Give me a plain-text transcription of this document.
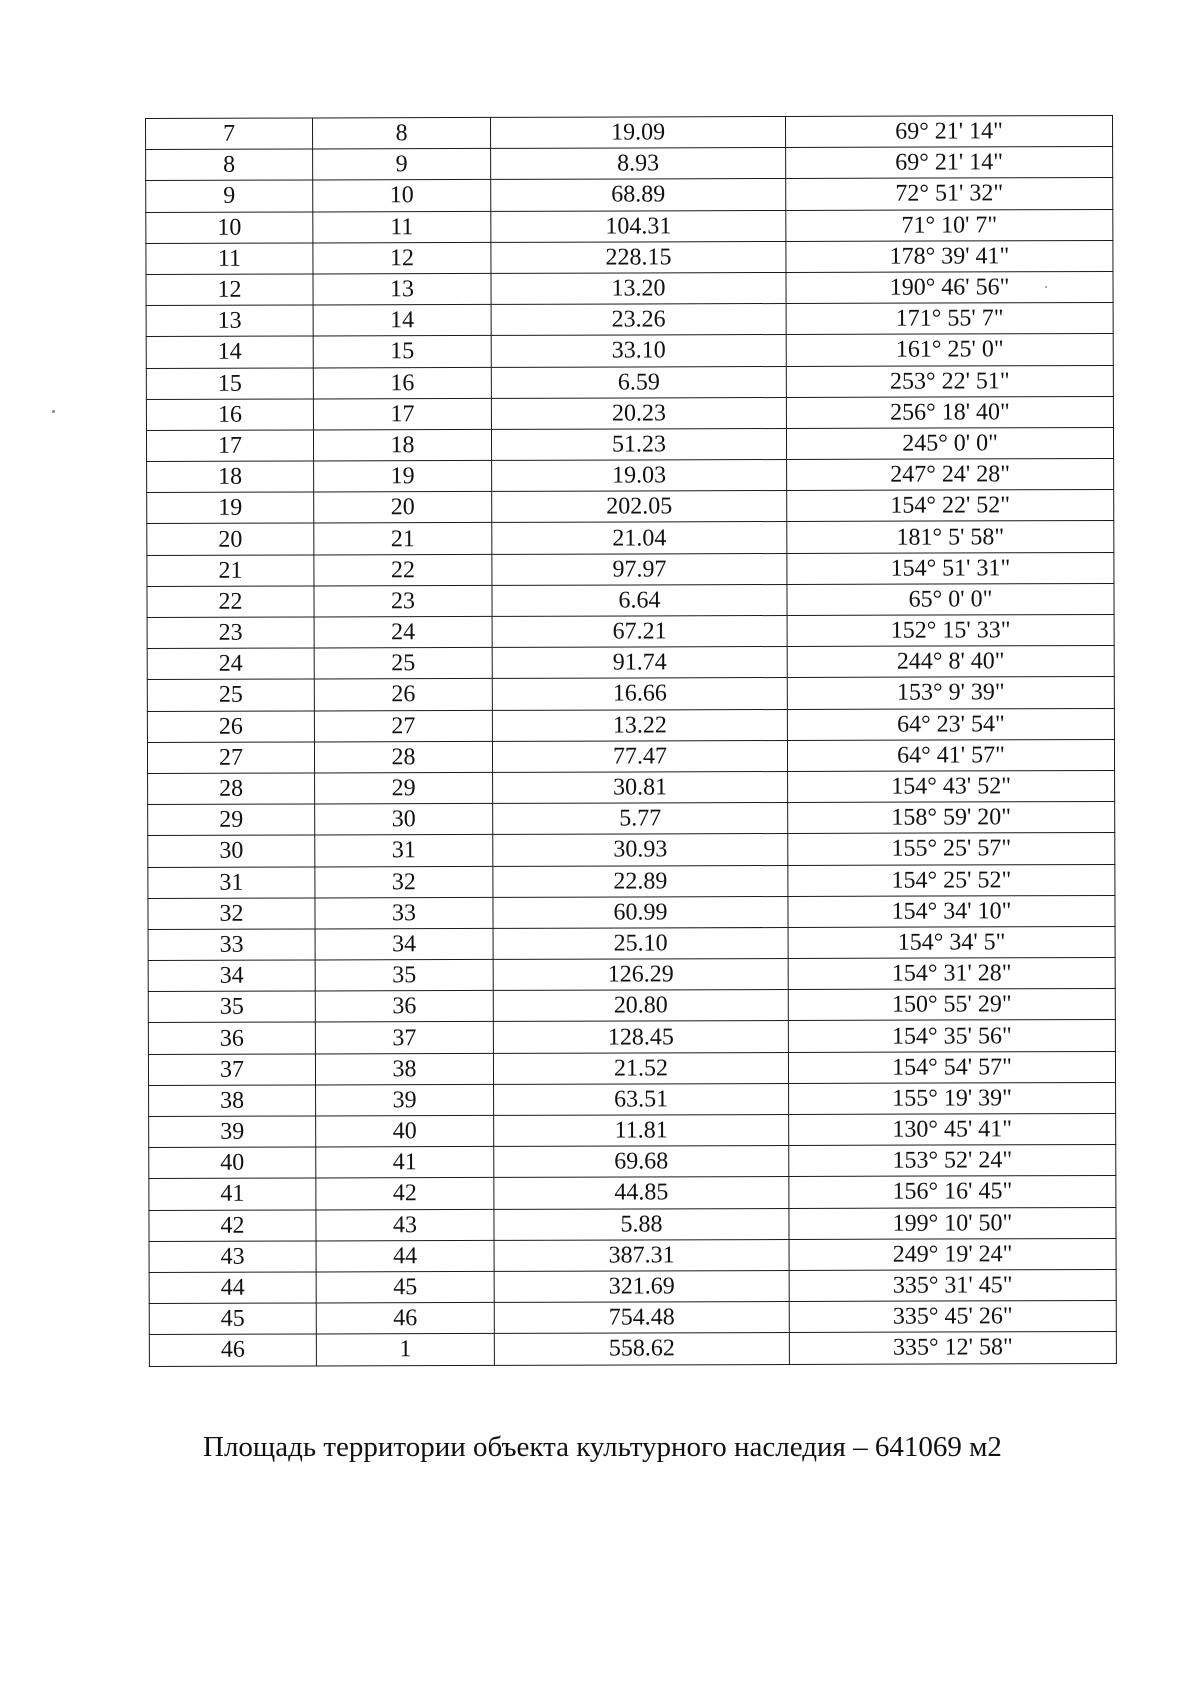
7	8	19.09	69° 21' 14"
8	9	8.93	69° 21' 14"
9	10	68.89	72° 51' 32"
10	11	104.31	71° 10' 7"
11	12	228.15	178° 39' 41"
12	13	13.20	190° 46' 56"
13	14	23.26	171° 55' 7"
14	15	33.10	161° 25' 0"
15	16	6.59	253° 22' 51"
16	17	20.23	256° 18' 40"
17	18	51.23	245° 0' 0"
18	19	19.03	247° 24' 28"
19	20	202.05	154° 22' 52"
20	21	21.04	181° 5' 58"
21	22	97.97	154° 51' 31"
22	23	6.64	65° 0' 0"
23	24	67.21	152° 15' 33"
24	25	91.74	244° 8' 40"
25	26	16.66	153° 9' 39"
26	27	13.22	64° 23' 54"
27	28	77.47	64° 41' 57"
28	29	30.81	154° 43' 52"
29	30	5.77	158° 59' 20"
30	31	30.93	155° 25' 57"
31	32	22.89	154° 25' 52"
32	33	60.99	154° 34' 10"
33	34	25.10	154° 34' 5"
34	35	126.29	154° 31' 28"
35	36	20.80	150° 55' 29"
36	37	128.45	154° 35' 56"
37	38	21.52	154° 54' 57"
38	39	63.51	155° 19' 39"
39	40	11.81	130° 45' 41"
40	41	69.68	153° 52' 24"
41	42	44.85	156° 16' 45"
42	43	5.88	199° 10' 50"
43	44	387.31	249° 19' 24"
44	45	321.69	335° 31' 45"
45	46	754.48	335° 45' 26"
46	1	558.62	335° 12' 58"
Площадь территории объекта культурного наследия – 641069 м2
